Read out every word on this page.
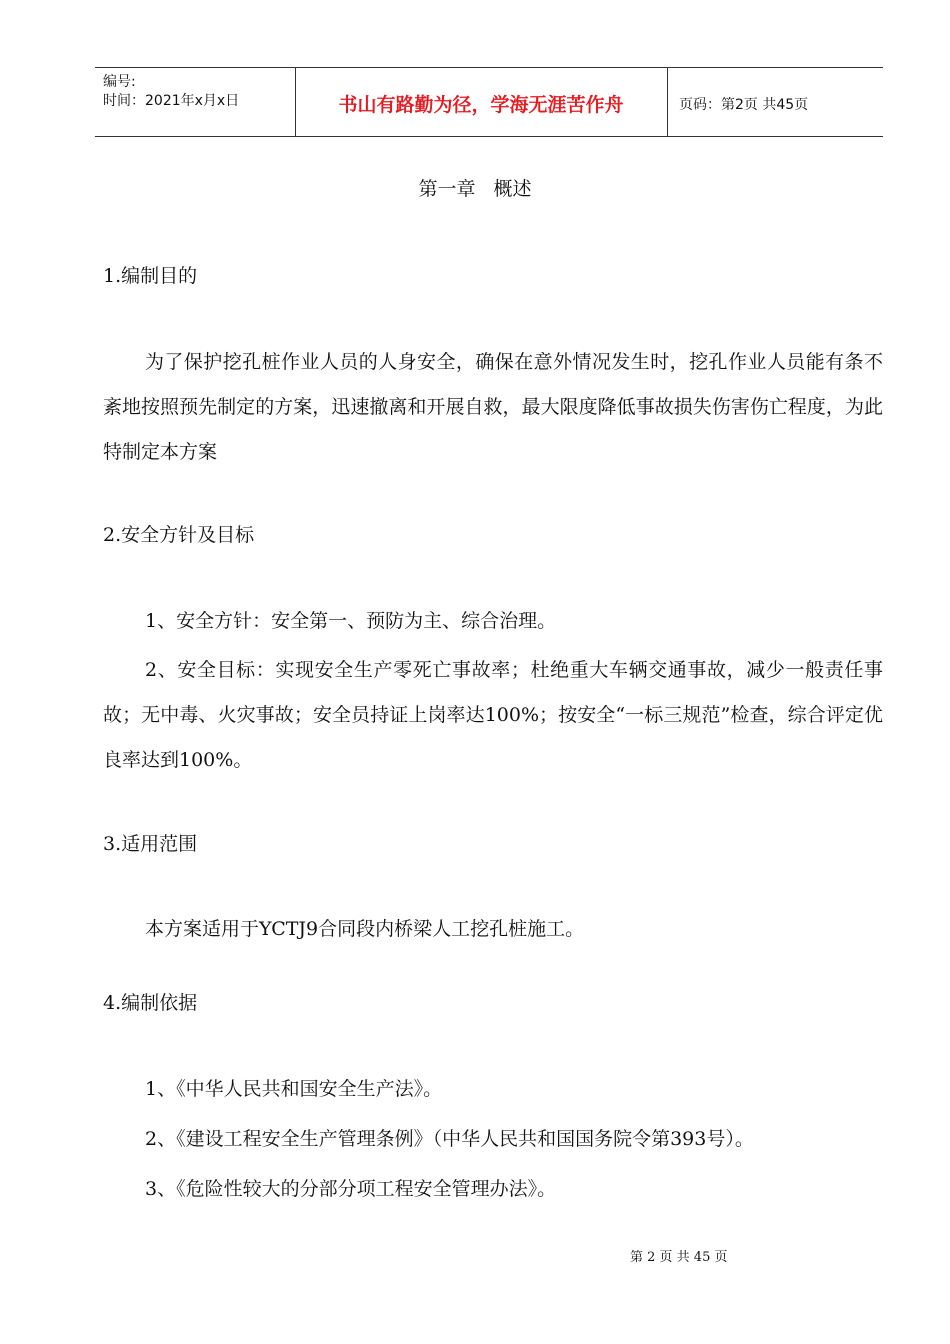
编号:
时间：2021年x月x日	书山有路勤为径，学海无涯苦作舟	页码：第2页 共45页
第一章   概述

1.编制目的

为了保护挖孔桩作业人员的人身安全，确保在意外情况发生时，挖孔作业人员能有条不紊地按照预先制定的方案，迅速撤离和开展自救，最大限度降低事故损失伤害伤亡程度，为此特制定本方案

2.安全方针及目标

1、安全方针：安全第一、预防为主、综合治理。

2、安全目标：实现安全生产零死亡事故率；杜绝重大车辆交通事故，减少一般责任事故；无中毒、火灾事故；安全员持证上岗率达100%；按安全“一标三规范”检查，综合评定优良率达到100%。

3.适用范围

本方案适用于YCTJ9合同段内桥梁人工挖孔桩施工。

4.编制依据

1、《中华人民共和国安全生产法》。

2、《建设工程安全生产管理条例》（中华人民共和国国务院令第393号）。

3、《危险性较大的分部分项工程安全管理办法》。

第 2 页 共 45 页
